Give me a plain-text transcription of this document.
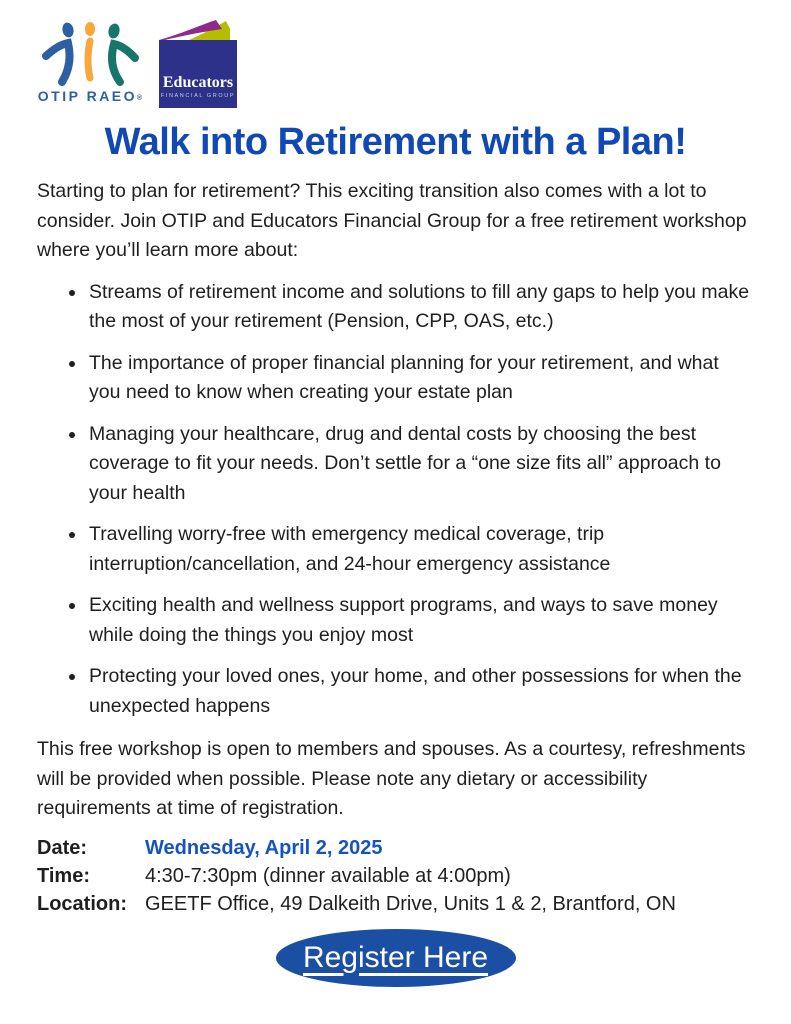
OTIP RAEO®
Educators
FINANCIAL GROUP
Walk into Retirement with a Plan!

Starting to plan for retirement? This exciting transition also comes with a lot to consider. Join OTIP and Educators Financial Group for a free retirement workshop where you’ll learn more about:

• Streams of retirement income and solutions to fill any gaps to help you make the most of your retirement (Pension, CPP, OAS, etc.)
• The importance of proper financial planning for your retirement, and what you need to know when creating your estate plan
• Managing your healthcare, drug and dental costs by choosing the best coverage to fit your needs. Don’t settle for a “one size fits all” approach to your health
• Travelling worry-free with emergency medical coverage, trip interruption/cancellation, and 24-hour emergency assistance
• Exciting health and wellness support programs, and ways to save money while doing the things you enjoy most
• Protecting your loved ones, your home, and other possessions for when the unexpected happens

This free workshop is open to members and spouses. As a courtesy, refreshments will be provided when possible. Please note any dietary or accessibility requirements at time of registration.

Date:	Wednesday, April 2, 2025
Time:	4:30-7:30pm (dinner available at 4:00pm)
Location: GEETF Office, 49 Dalkeith Drive, Units 1 & 2, Brantford, ON
Register Here
